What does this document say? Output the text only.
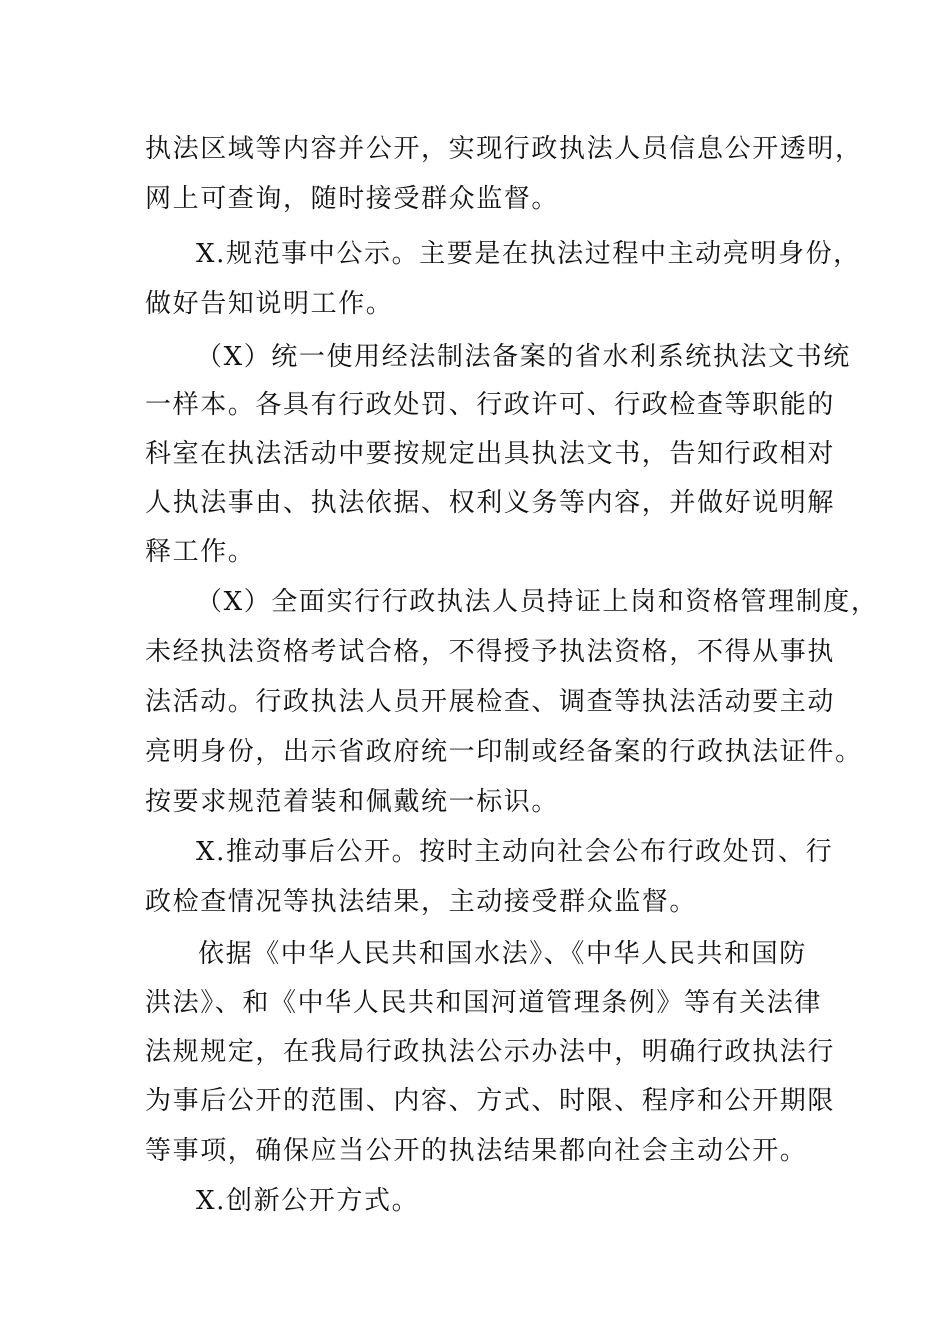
执法区域等内容并公开，实现行政执法人员信息公开透明，
网上可查询，随时接受群众监督。
X.规范事中公示。主要是在执法过程中主动亮明身份，
做好告知说明工作。
（X）统一使用经法制法备案的省水利系统执法文书统
一样本。各具有行政处罚、行政许可、行政检查等职能的
科室在执法活动中要按规定出具执法文书，告知行政相对
人执法事由、执法依据、权利义务等内容，并做好说明解
释工作。
（X）全面实行行政执法人员持证上岗和资格管理制度，
未经执法资格考试合格，不得授予执法资格，不得从事执
法活动。行政执法人员开展检查、调查等执法活动要主动
亮明身份，出示省政府统一印制或经备案的行政执法证件。
按要求规范着装和佩戴统一标识。
X.推动事后公开。按时主动向社会公布行政处罚、行
政检查情况等执法结果，主动接受群众监督。
依据《中华人民共和国水法》、《中华人民共和国防
洪法》、和《中华人民共和国河道管理条例》等有关法律
法规规定，在我局行政执法公示办法中，明确行政执法行
为事后公开的范围、内容、方式、时限、程序和公开期限
等事项，确保应当公开的执法结果都向社会主动公开。
X.创新公开方式。
